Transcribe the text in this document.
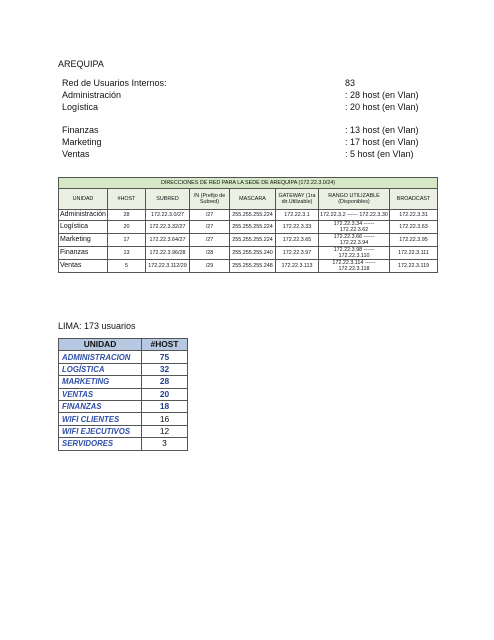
AREQUIPA
Red de Usuarios Internos:	83
Administración	: 28 host (en Vlan)
Logística	: 20 host (en Vlan)
Finanzas	: 13 host (en Vlan)
Marketing	: 17 host (en Vlan)
Ventas	: 5 host (en Vlan)
DIRECCIONES DE RED PARA LA SEDE DE AREQUIPA (172.22.3.0/24)							
UNIDAD	#HOST	SUBRED	/N (Prefijo de Subred)	MASCARA	GATEWAY (1ra dir.Utilizable)	RANGO UTILIZABLE (Disponibles)	BROADCAST
Administración	28	172.22.3.0/27	/27	255.255.255.224	172.22.3.1	172.22.3.2 ------ 172.22.3.30	172.22.3.31
Logística	20	172.22.3.32/27	/27	255.255.255.224	172.22.3.33	172.22.3.34 ------ 172.22.3.62	172.22.3.63
Marketing	17	172.22.3.64/27	/27	255.255.255.224	172.22.3.65	172.22.3.66 ------ 172.22.3.94	172.22.3.95
Finanzas	13	172.22.3.96/28	/28	255.255.255.240	172.22.3.97	172.22.3.98 ------ 172.22.3.110	172.22.3.111
Ventas	5	172.22.3.112/29	/29	255.255.255.248	172.22.3.113	172.22.3.114 ------ 172.22.3.118	172.22.3.119
LIMA: 173 usuarios
UNIDAD	#HOST
ADMINISTRACION	75
LOGÍSTICA	32
MARKETING	28
VENTAS	20
FINANZAS	18
WIFI CLIENTES	16
WIFI EJECUTIVOS	12
SERVIDORES	3
